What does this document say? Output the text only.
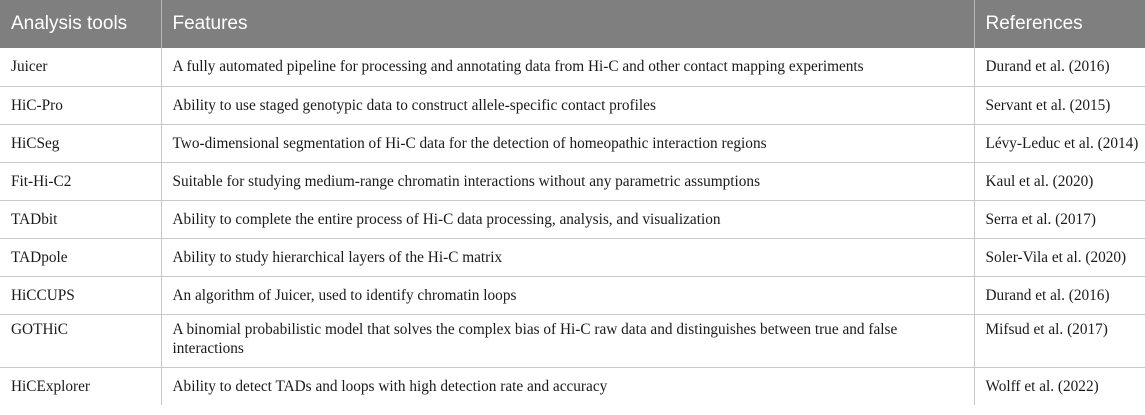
Analysis tools	Features	References
Juicer	A fully automated pipeline for processing and annotating data from Hi-C and other contact mapping experiments	Durand et al. (2016)
HiC-Pro	Ability to use staged genotypic data to construct allele-specific contact profiles	Servant et al. (2015)
HiCSeg	Two-dimensional segmentation of Hi-C data for the detection of homeopathic interaction regions	Lévy-Leduc et al. (2014)
Fit-Hi-C2	Suitable for studying medium-range chromatin interactions without any parametric assumptions	Kaul et al. (2020)
TADbit	Ability to complete the entire process of Hi-C data processing, analysis, and visualization	Serra et al. (2017)
TADpole	Ability to study hierarchical layers of the Hi-C matrix	Soler-Vila et al. (2020)
HiCCUPS	An algorithm of Juicer, used to identify chromatin loops	Durand et al. (2016)
GOTHiC	A binomial probabilistic model that solves the complex bias of Hi-C raw data and distinguishes between true and false interactions	Mifsud et al. (2017)
HiCExplorer	Ability to detect TADs and loops with high detection rate and accuracy	Wolff et al. (2022)
